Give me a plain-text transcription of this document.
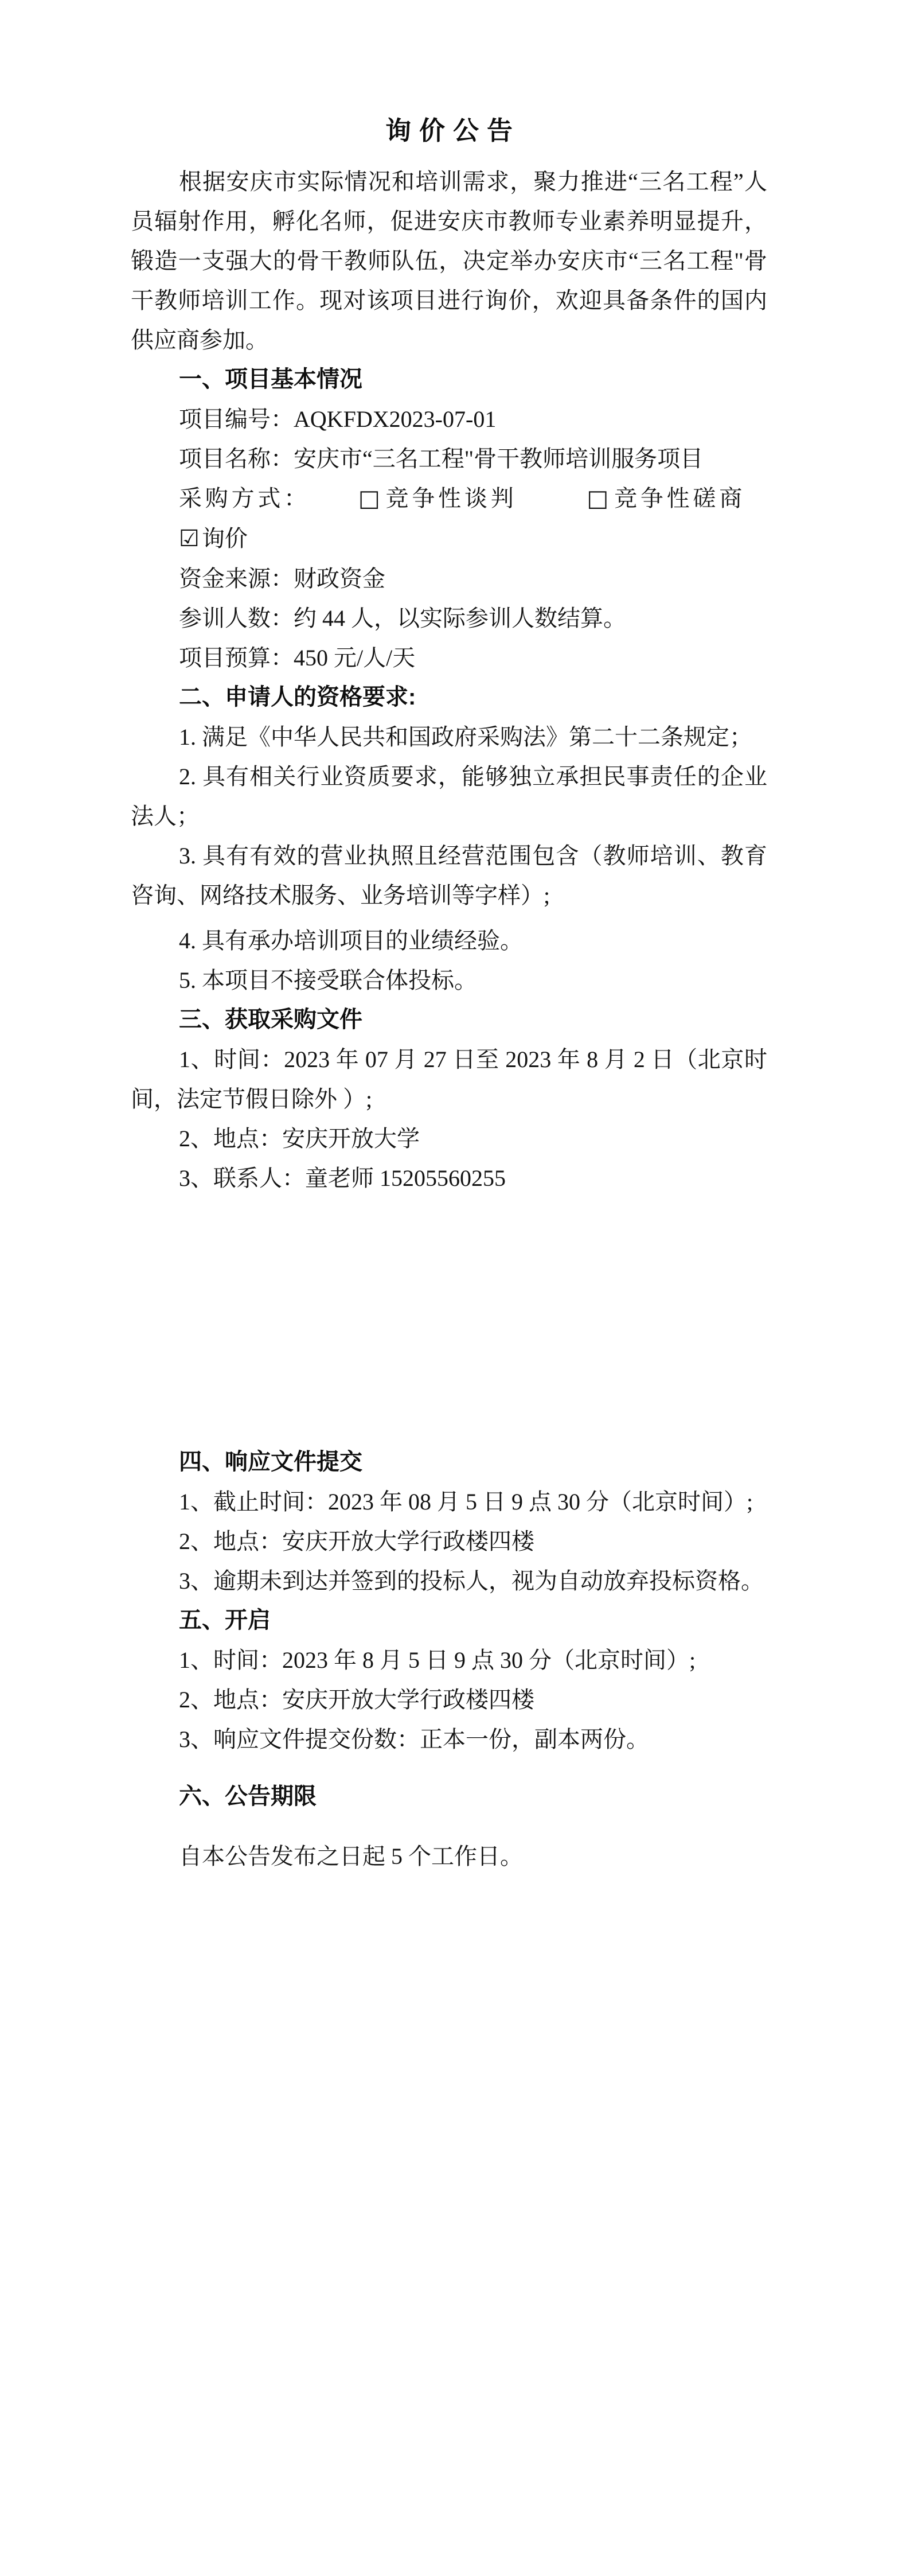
询价公告

根据安庆市实际情况和培训需求，聚力推进“三名工程”人员辐射作用，孵化名师，促进安庆市教师专业素养明显提升，锻造一支强大的骨干教师队伍，决定举办安庆市“三名工程"骨干教师培训工作。现对该项目进行询价，欢迎具备条件的国内供应商参加。

一、项目基本情况

项目编号：AQKFDX2023-07-01

项目名称：安庆市“三名工程"骨干教师培训服务项目

采购方式： □ 竞争性谈判	□ 竞争性磋商☑ 询价

资金来源：财政资金

参训人数：约 44 人，以实际参训人数结算。

项目预算：450 元/人/天

二、申请人的资格要求:

1. 满足《中华人民共和国政府采购法》第二十二条规定；

2. 具有相关行业资质要求，能够独立承担民事责任的企业法人；

3. 具有有效的营业执照且经营范围包含（教师培训、教育咨询、网络技术服务、业务培训等字样）;

4. 具有承办培训项目的业绩经验。

5. 本项目不接受联合体投标。

三、获取采购文件

1、时间：2023 年 07 月 27 日至 2023 年 8 月 2 日（北京时间，法定节假日除外 ）;

2、地点：安庆开放大学

3、联系人：童老师 15205560255

四、响应文件提交

1、截止时间：2023 年 08 月 5 日 9 点 30 分（北京时间）;

2、地点：安庆开放大学行政楼四楼

3、逾期未到达并签到的投标人，视为自动放弃投标资格。

五、开启

1、时间：2023 年 8 月 5 日 9 点 30 分（北京时间）;

2、地点：安庆开放大学行政楼四楼

3、响应文件提交份数：正本一份，副本两份。

六、公告期限

自本公告发布之日起 5 个工作日。
